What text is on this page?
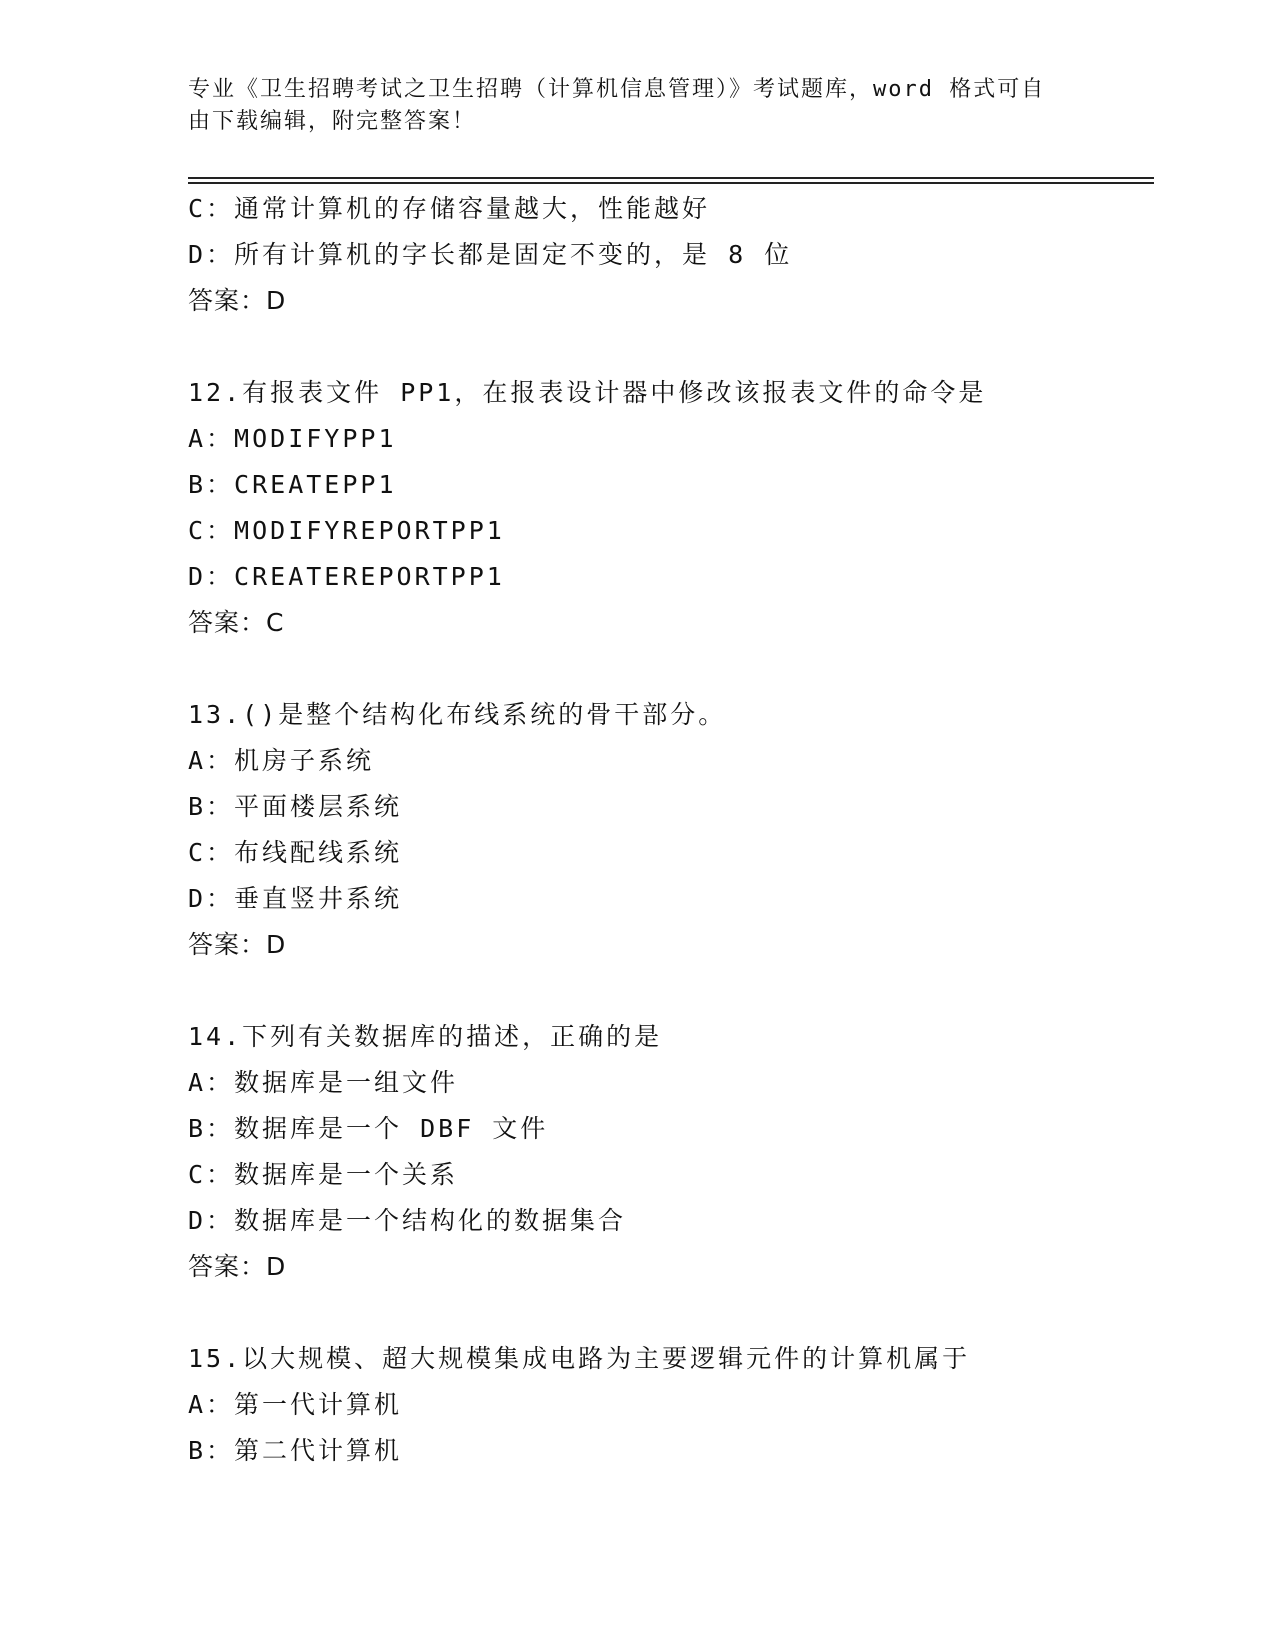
专业《卫生招聘考试之卫生招聘（计算机信息管理）》考试题库，word 格式可自由下载编辑，附完整答案！
C：通常计算机的存储容量越大，性能越好
D：所有计算机的字长都是固定不变的，是 8 位
答案：D
12.有报表文件 PP1，在报表设计器中修改该报表文件的命令是
A：MODIFYPP1
B：CREATEPP1
C：MODIFYREPORTPP1
D：CREATEREPORTPP1
答案：C
13.()是整个结构化布线系统的骨干部分。
A：机房子系统
B：平面楼层系统
C：布线配线系统
D：垂直竖井系统
答案：D
14.下列有关数据库的描述，正确的是
A：数据库是一组文件
B：数据库是一个 DBF 文件
C：数据库是一个关系
D：数据库是一个结构化的数据集合
答案：D
15.以大规模、超大规模集成电路为主要逻辑元件的计算机属于
A：第一代计算机
B：第二代计算机
